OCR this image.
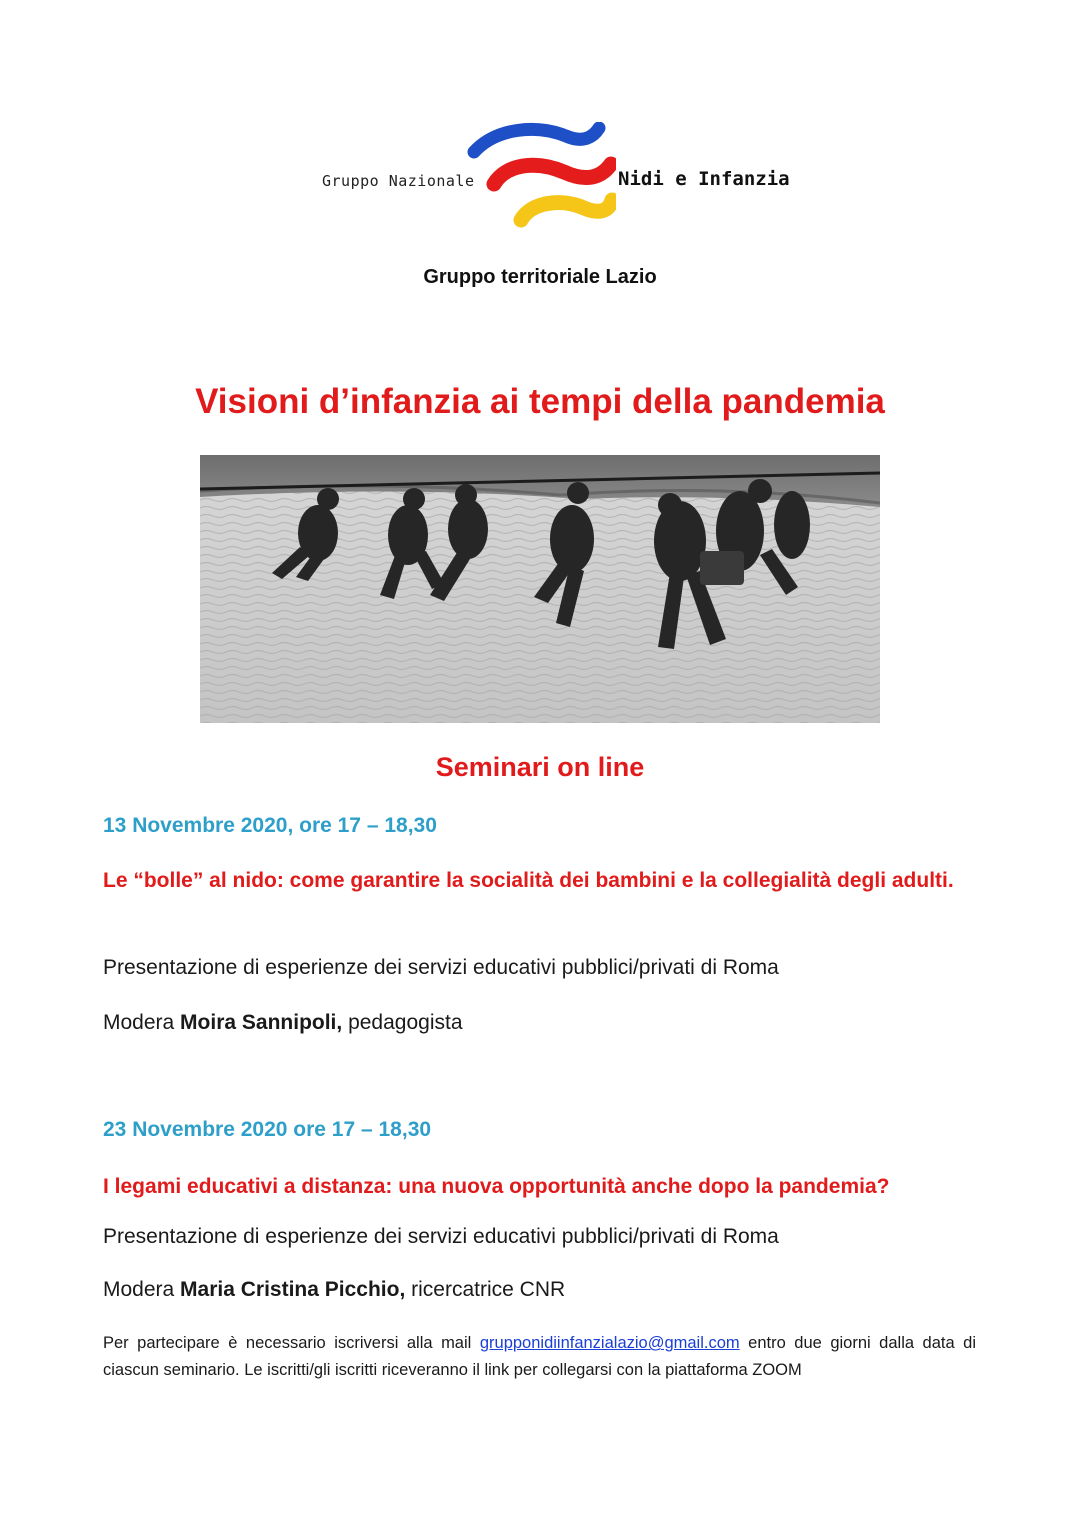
Gruppo Nazionale	Nidi e Infanzia
Gruppo territoriale Lazio
Visioni d’infanzia ai tempi della pandemia
Seminari on line
13 Novembre 2020, ore 17 – 18,30
Le “bolle” al nido: come garantire la socialità dei bambini e la collegialità degli adulti.
Presentazione di esperienze dei servizi educativi pubblici/privati di Roma
Modera Moira Sannipoli, pedagogista
23 Novembre 2020 ore 17 – 18,30
I legami educativi a distanza: una nuova opportunità anche dopo la pandemia?
Presentazione di esperienze dei servizi educativi pubblici/privati di Roma
Modera Maria Cristina Picchio, ricercatrice CNR
Per partecipare è necessario iscriversi alla mail grupponidiinfanzialazio@gmail.com entro due giorni dalla data di ciascun seminario. Le iscritti/gli iscritti riceveranno il link per collegarsi con la piattaforma ZOOM
